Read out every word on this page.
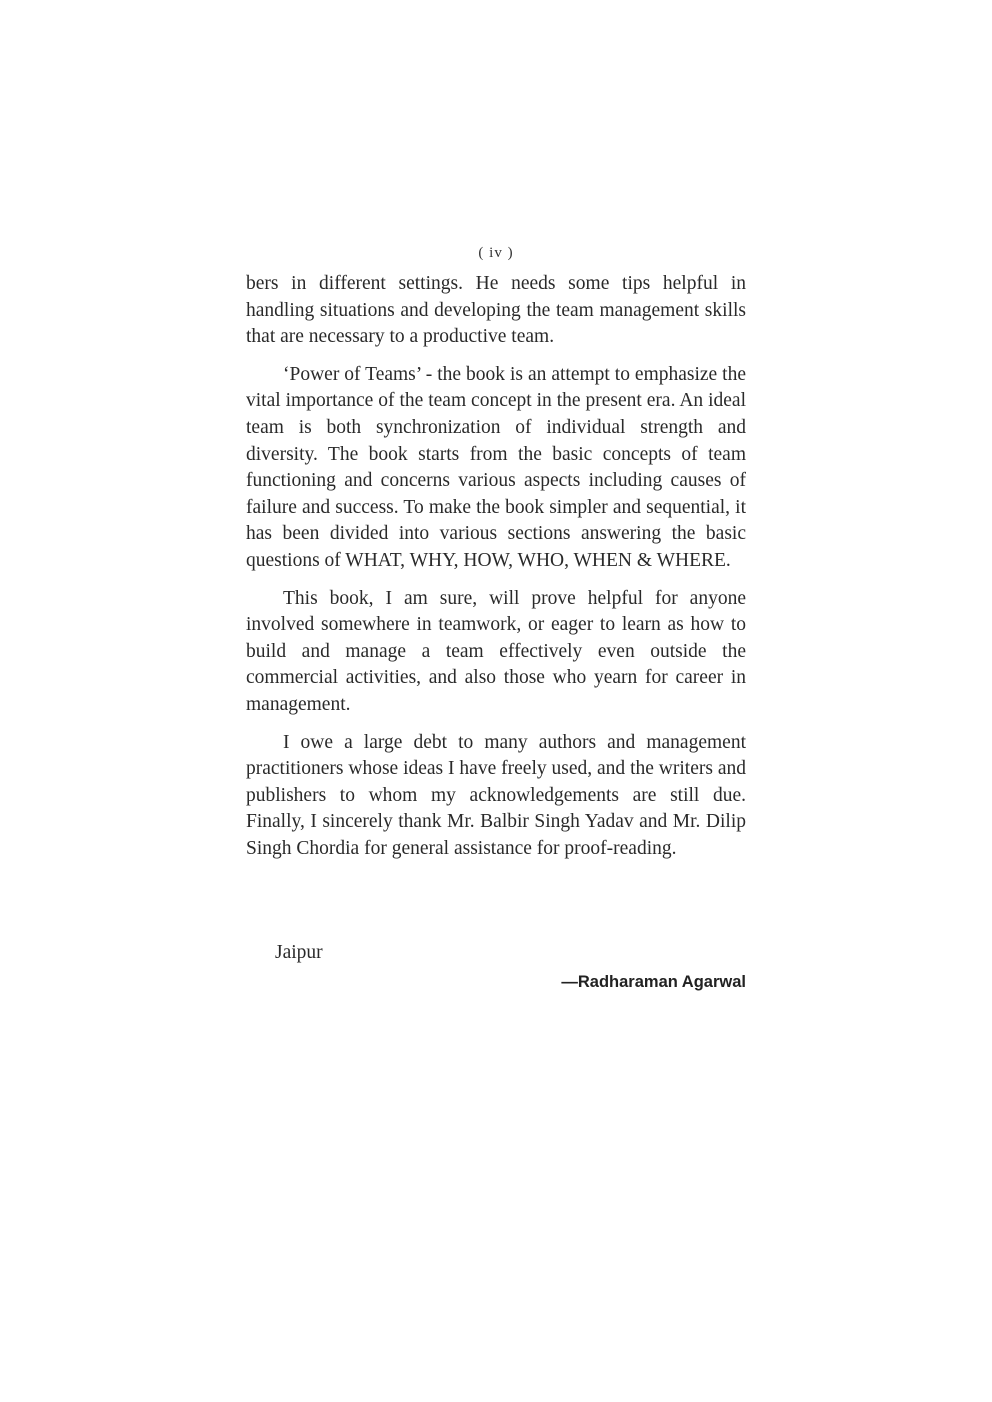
( iv )

bers in different settings. He needs some tips helpful in handling situations and developing the team management skills that are necessary to a productive team.

‘Power of Teams’ - the book is an attempt to emphasize the vital importance of the team concept in the present era. An ideal team is both synchronization of individual strength and diversity. The book starts from the basic concepts of team functioning and concerns various aspects including causes of failure and success. To make the book simpler and sequential, it has been divided into various sections answering the basic questions of WHAT, WHY, HOW, WHO, WHEN & WHERE.

This book, I am sure, will prove helpful for anyone involved somewhere in teamwork, or eager to learn as how to build and manage a team effectively even outside the commercial activities, and also those who yearn for career in management.

I owe a large debt to many authors and management practitioners whose ideas I have freely used, and the writers and publishers to whom my acknowledgements are still due. Finally, I sincerely thank Mr. Balbir Singh Yadav and Mr. Dilip Singh Chordia for general assistance for proof-reading.

Jaipur
—Radharaman Agarwal
